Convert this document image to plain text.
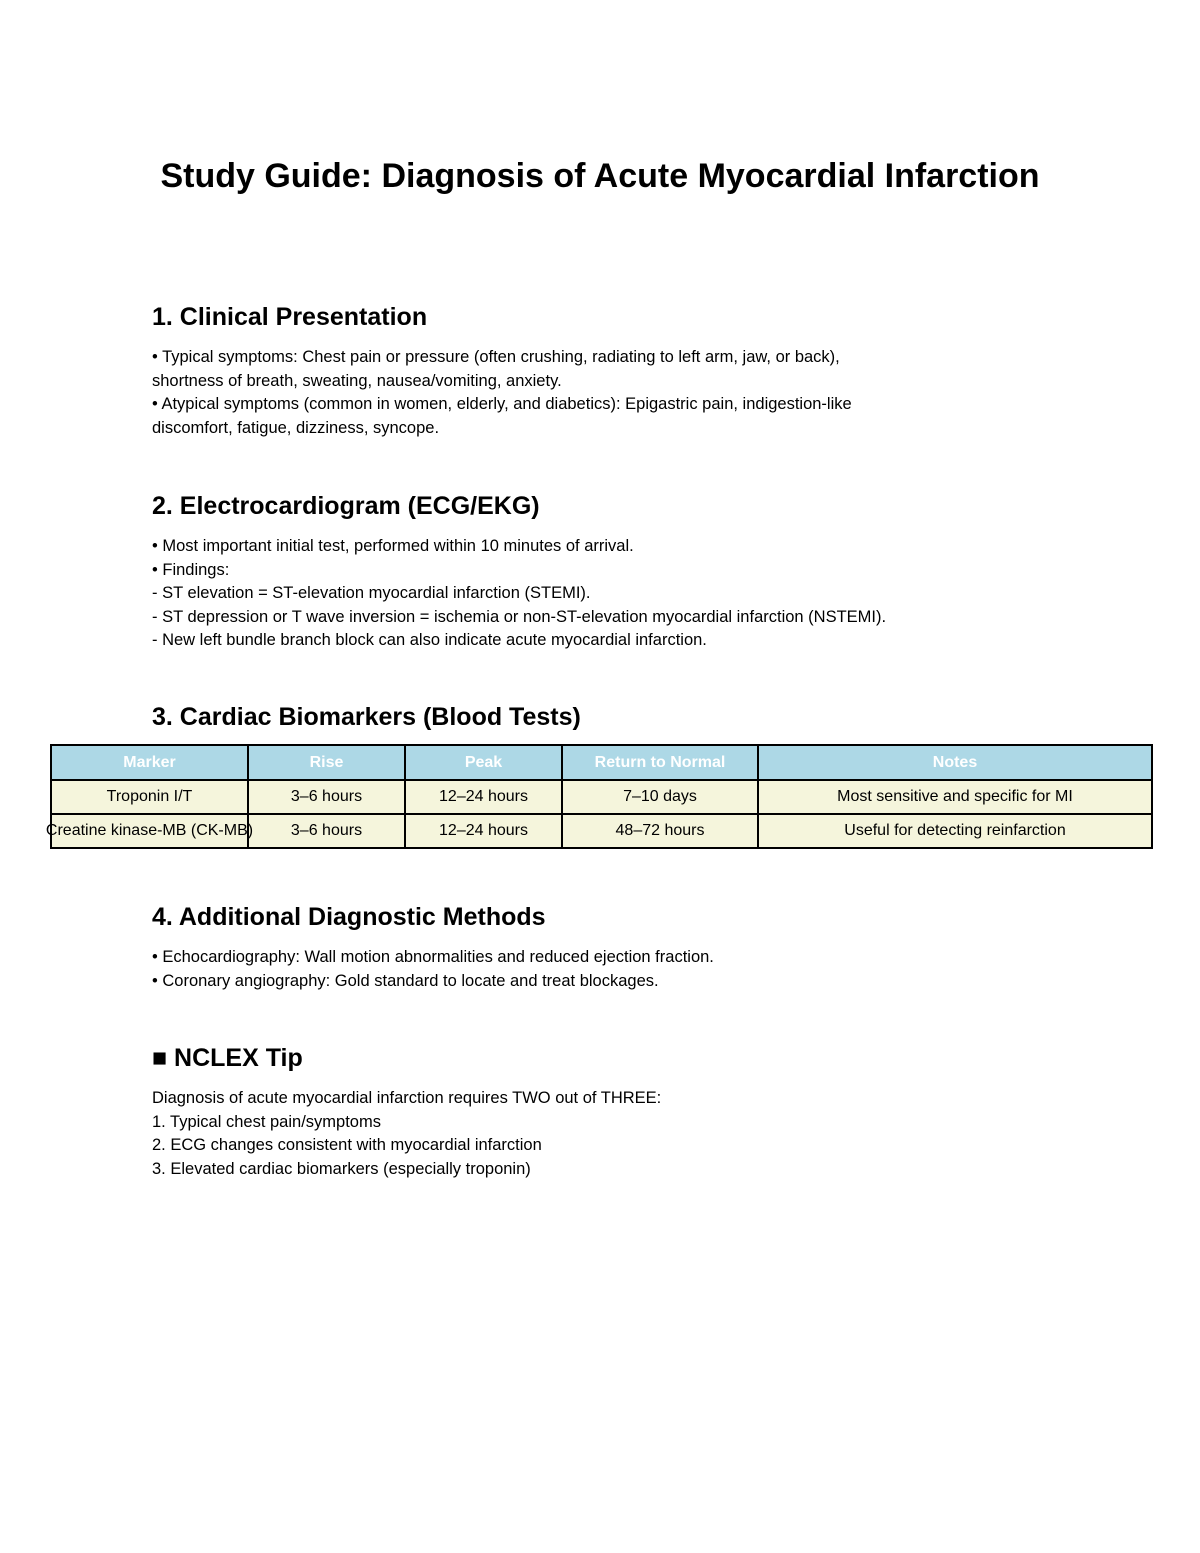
Study Guide: Diagnosis of Acute Myocardial Infarction
1. Clinical Presentation
• Typical symptoms: Chest pain or pressure (often crushing, radiating to left arm, jaw, or back),
shortness of breath, sweating, nausea/vomiting, anxiety.
• Atypical symptoms (common in women, elderly, and diabetics): Epigastric pain, indigestion-like
discomfort, fatigue, dizziness, syncope.
2. Electrocardiogram (ECG/EKG)
• Most important initial test, performed within 10 minutes of arrival.
• Findings:
- ST elevation = ST-elevation myocardial infarction (STEMI).
- ST depression or T wave inversion = ischemia or non-ST-elevation myocardial infarction (NSTEMI).
- New left bundle branch block can also indicate acute myocardial infarction.
3. Cardiac Biomarkers (Blood Tests)
Marker	Rise	Peak	Return to Normal	Notes
Troponin I/T	3–6 hours	12–24 hours	7–10 days	Most sensitive and specific for MI

Creatine kinase-MB (CK-MB)	3–6 hours	12–24 hours	48–72 hours	Useful for detecting reinfarction
4. Additional Diagnostic Methods
• Echocardiography: Wall motion abnormalities and reduced ejection fraction.
• Coronary angiography: Gold standard to locate and treat blockages.
■ NCLEX Tip
Diagnosis of acute myocardial infarction requires TWO out of THREE:
1. Typical chest pain/symptoms
2. ECG changes consistent with myocardial infarction
3. Elevated cardiac biomarkers (especially troponin)
